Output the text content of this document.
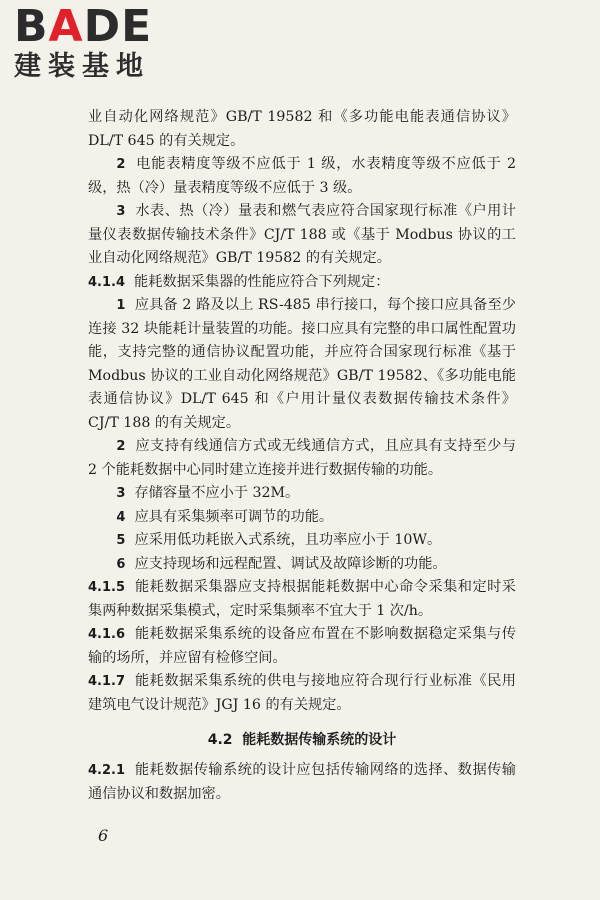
BADE
建装基地

业自动化网络规范》GB/T 19582 和《多功能电能表通信协议》DL/T 645 的有关规定。

2 电能表精度等级不应低于 1 级，水表精度等级不应低于 2 级，热（冷）量表精度等级不应低于 3 级。

3 水表、热（冷）量表和燃气表应符合国家现行标准《户用计量仪表数据传输技术条件》CJ/T 188 或《基于 Modbus 协议的工业自动化网络规范》GB/T 19582 的有关规定。

4.1.4 能耗数据采集器的性能应符合下列规定：

1 应具备 2 路及以上 RS-485 串行接口，每个接口应具备至少连接 32 块能耗计量装置的功能。接口应具有完整的串口属性配置功能，支持完整的通信协议配置功能，并应符合国家现行标准《基于 Modbus 协议的工业自动化网络规范》GB/T 19582、《多功能电能表通信协议》DL/T 645 和《户用计量仪表数据传输技术条件》CJ/T 188 的有关规定。

2 应支持有线通信方式或无线通信方式，且应具有支持至少与 2 个能耗数据中心同时建立连接并进行数据传输的功能。

3 存储容量不应小于 32M。

4 应具有采集频率可调节的功能。

5 应采用低功耗嵌入式系统，且功率应小于 10W。

6 应支持现场和远程配置、调试及故障诊断的功能。

4.1.5 能耗数据采集器应支持根据能耗数据中心命令采集和定时采集两种数据采集模式，定时采集频率不宜大于 1 次/h。

4.1.6 能耗数据采集系统的设备应布置在不影响数据稳定采集与传输的场所，并应留有检修空间。

4.1.7 能耗数据采集系统的供电与接地应符合现行行业标准《民用建筑电气设计规范》JGJ 16 的有关规定。

4.2 能耗数据传输系统的设计

4.2.1 能耗数据传输系统的设计应包括传输网络的选择、数据传输通信协议和数据加密。

6
